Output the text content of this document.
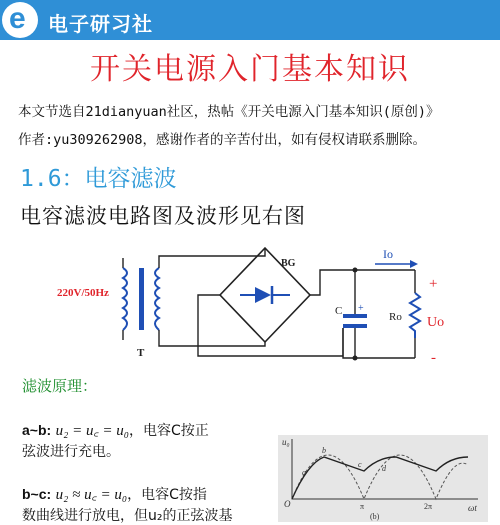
e 电子研习社
开关电源入门基本知识
本文节选自21dianyuan社区，热帖《开关电源入门基本知识(原创)》
作者:yu309262908，感谢作者的辛苦付出，如有侵权请联系删除。
1.6：电容滤波
电容滤波电路图及波形见右图
220V/50Hz
T
BG
Io
C +
Ro
+
Uo
-
滤波原理：
a~b: u₂ = u꜀ = u₀，电容C按正
弦波进行充电。
b~c: u₂ ≈ u꜀ = u₀，电容C按指
数曲线进行放电，但u₂的正弦波基
u₀
ωt
O	π	2π
a
b
c	d
(b)
